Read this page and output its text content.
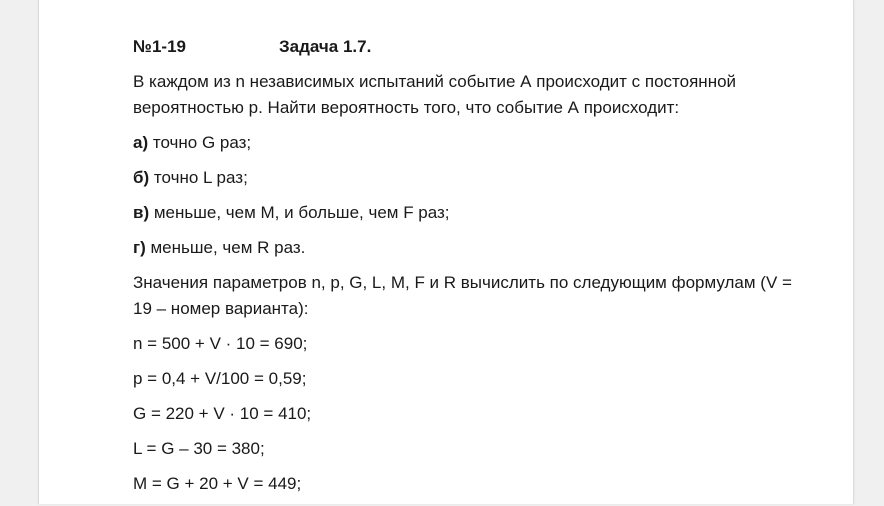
№1-19	Задача 1.7.

В каждом из n независимых испытаний событие А происходит с постоянной вероятностью р. Найти вероятность того, что событие А происходит:

а) точно G раз;
б) точно L раз;
в) меньше, чем М, и больше, чем F раз;
г) меньше, чем R раз.

Значения параметров n, р, G, L, М, F и R вычислить по следующим формулам (V = 19 – номер варианта):

n = 500 + V · 10 = 690;
р = 0,4 + V/100 = 0,59;
G = 220 + V · 10 = 410;
L = G – 30 = 380;
M = G + 20 + V = 449;
